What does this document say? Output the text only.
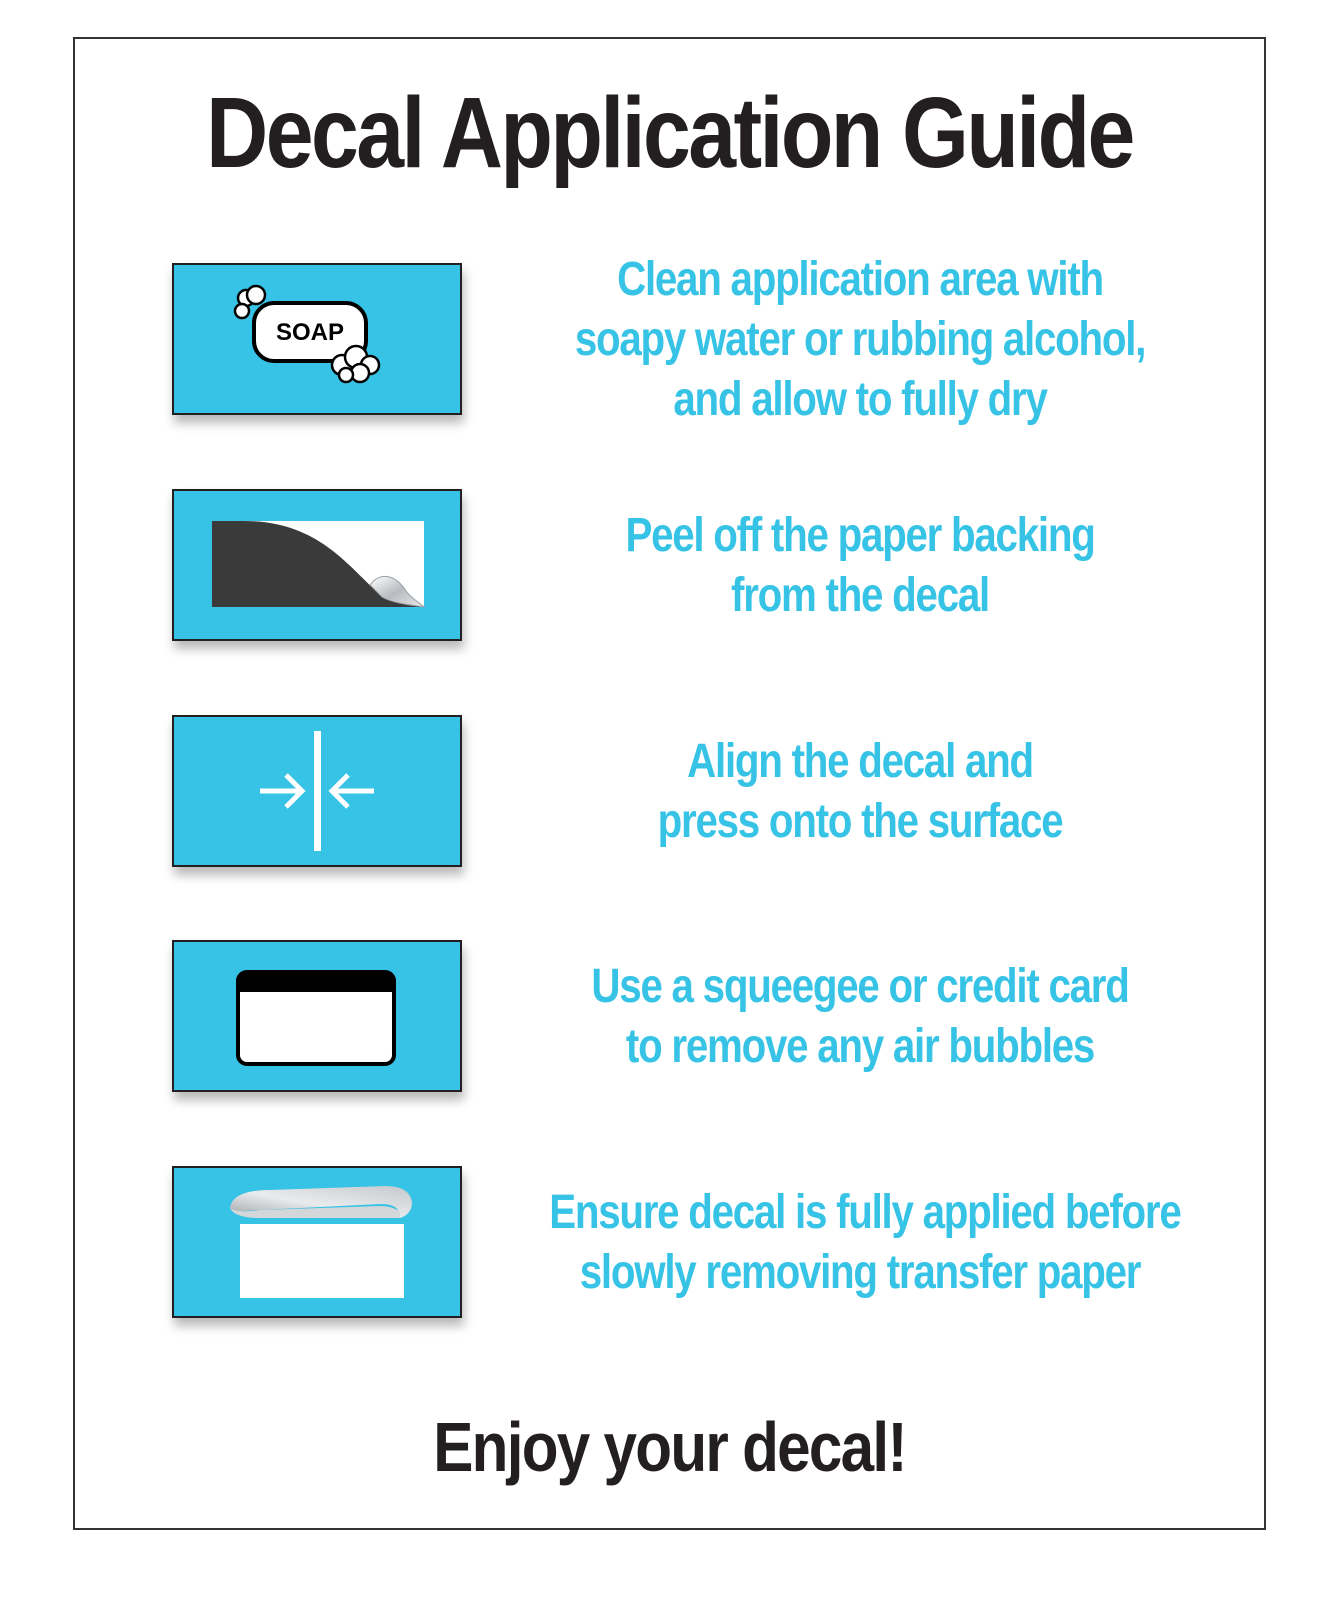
Decal Application Guide
SOAP
Clean application area with
soapy water or rubbing alcohol,
and allow to fully dry
Peel off the paper backing
from the decal
Align the decal and
press onto the surface
Use a squeegee or credit card
to remove any air bubbles
Ensure decal is fully applied before
slowly removing transfer paper
Enjoy your decal!
